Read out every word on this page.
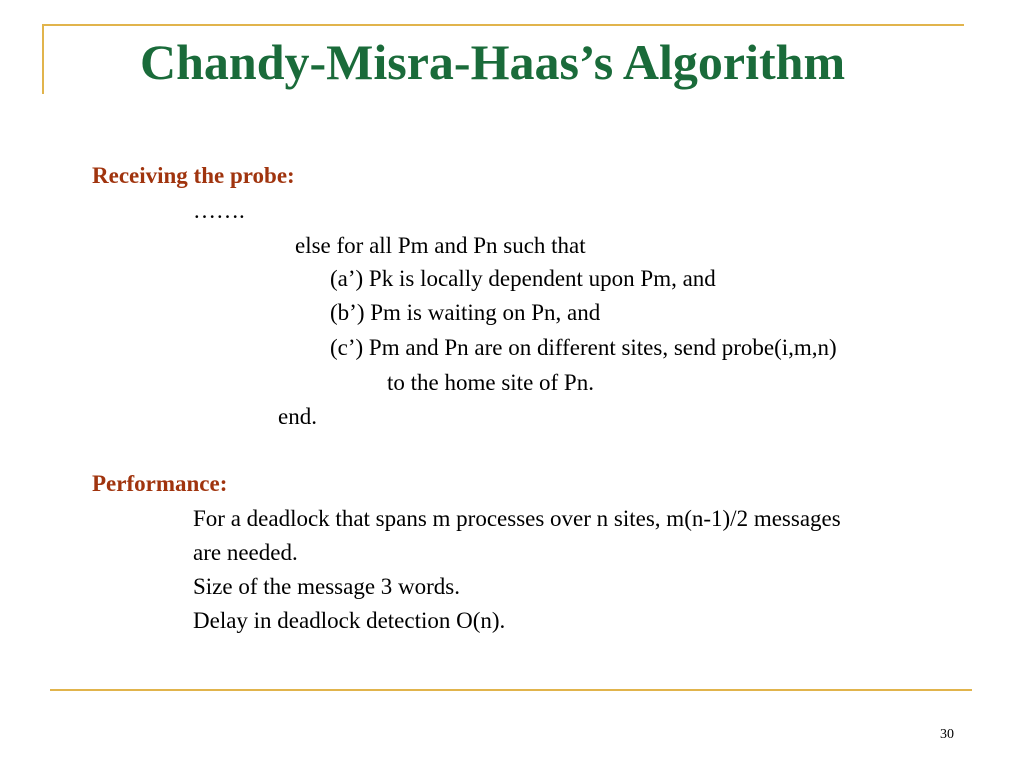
Chandy-Misra-Haas’s Algorithm
Receiving the probe:
…….
else for all Pm and Pn such that
(a’) Pk is locally dependent upon Pm, and
(b’) Pm is waiting on Pn, and
(c’) Pm and Pn are on different sites, send probe(i,m,n)
to the home site of Pn.
end.
Performance:
For a deadlock that spans m processes over n sites, m(n-1)/2 messages
are needed.
Size of the message 3 words.
Delay in deadlock detection O(n).
30
